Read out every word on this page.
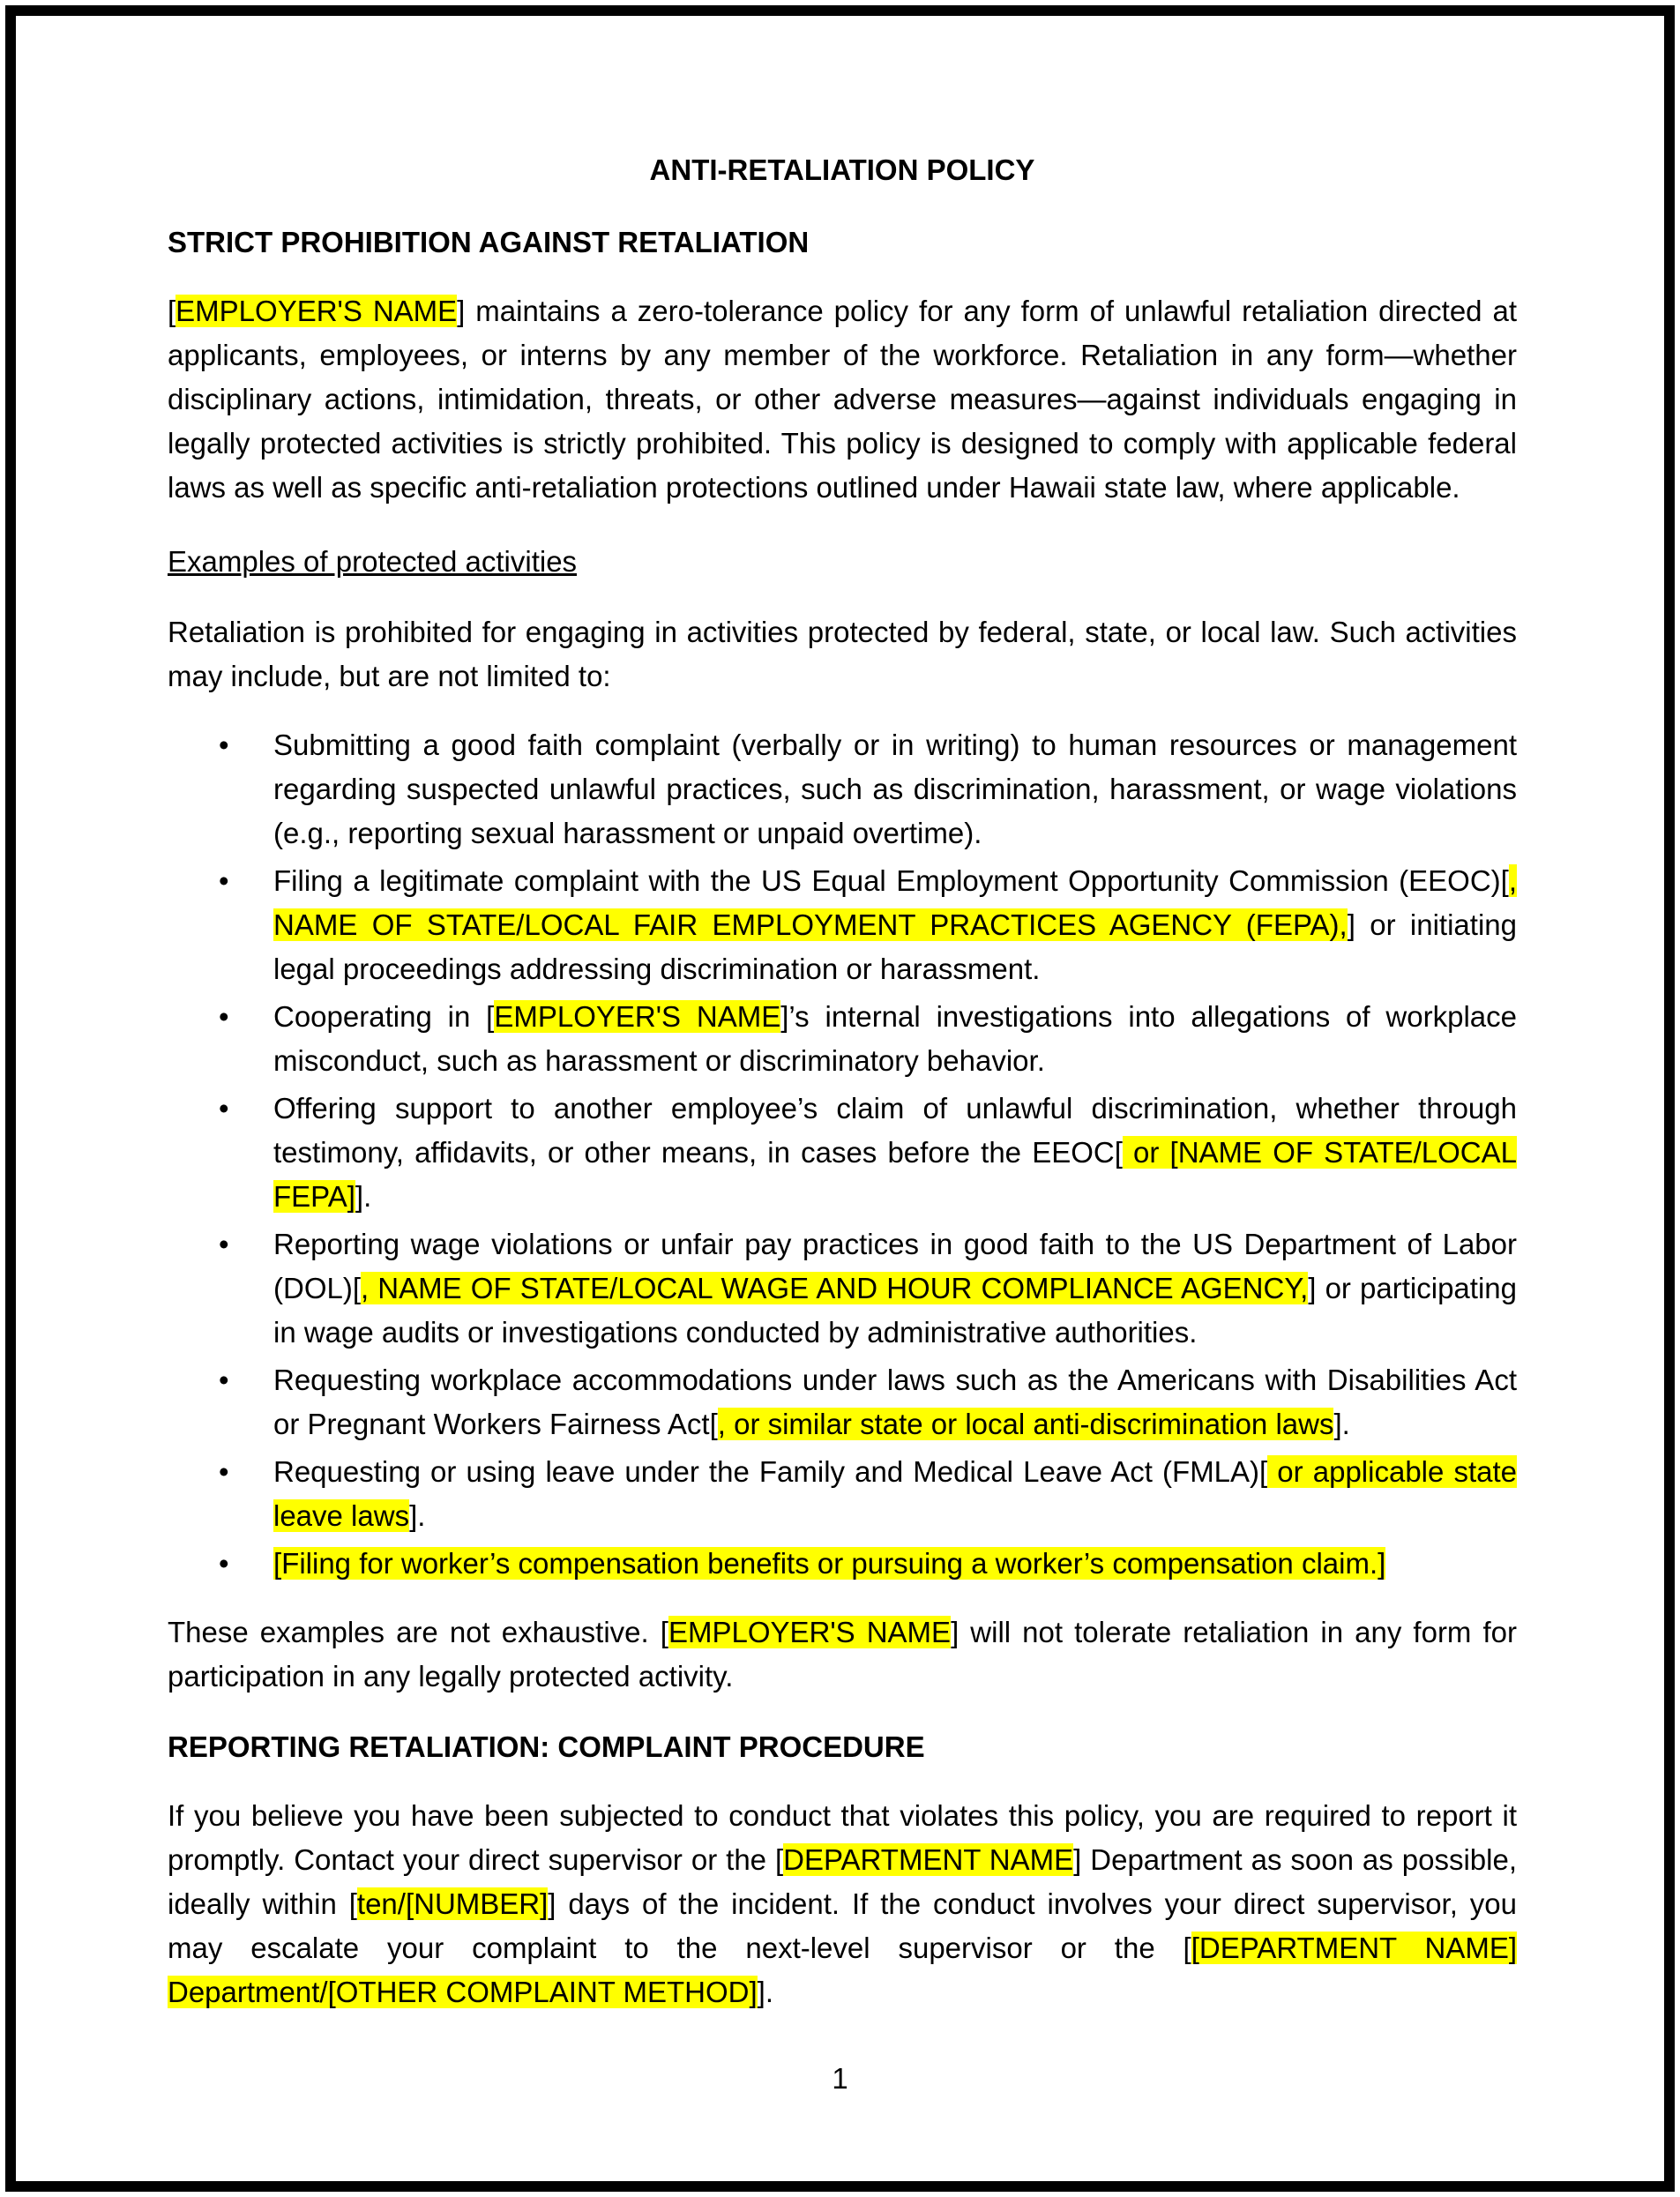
ANTI-RETALIATION POLICY
STRICT PROHIBITION AGAINST RETALIATION
[EMPLOYER'S NAME] maintains a zero-tolerance policy for any form of unlawful retaliation directed at applicants, employees, or interns by any member of the workforce. Retaliation in any form—whether disciplinary actions, intimidation, threats, or other adverse measures—against individuals engaging in legally protected activities is strictly prohibited. This policy is designed to comply with applicable federal laws as well as specific anti-retaliation protections outlined under Hawaii state law, where applicable.
Examples of protected activities
Retaliation is prohibited for engaging in activities protected by federal, state, or local law. Such activities may include, but are not limited to:
•	Submitting a good faith complaint (verbally or in writing) to human resources or management regarding suspected unlawful practices, such as discrimination, harassment, or wage violations (e.g., reporting sexual harassment or unpaid overtime).
•	Filing a legitimate complaint with the US Equal Employment Opportunity Commission (EEOC)[, NAME OF STATE/LOCAL FAIR EMPLOYMENT PRACTICES AGENCY (FEPA),] or initiating legal proceedings addressing discrimination or harassment.
•	Cooperating in [EMPLOYER'S NAME]’s internal investigations into allegations of workplace misconduct, such as harassment or discriminatory behavior.
•	Offering support to another employee’s claim of unlawful discrimination, whether through testimony, affidavits, or other means, in cases before the EEOC[ or [NAME OF STATE/LOCAL FEPA]].
•	Reporting wage violations or unfair pay practices in good faith to the US Department of Labor (DOL)[, NAME OF STATE/LOCAL WAGE AND HOUR COMPLIANCE AGENCY,] or participating in wage audits or investigations conducted by administrative authorities.
•	Requesting workplace accommodations under laws such as the Americans with Disabilities Act or Pregnant Workers Fairness Act[, or similar state or local anti-discrimination laws].
•	Requesting or using leave under the Family and Medical Leave Act (FMLA)[ or applicable state leave laws].
•	[Filing for worker’s compensation benefits or pursuing a worker’s compensation claim.]
These examples are not exhaustive. [EMPLOYER'S NAME] will not tolerate retaliation in any form for participation in any legally protected activity.
REPORTING RETALIATION: COMPLAINT PROCEDURE
If you believe you have been subjected to conduct that violates this policy, you are required to report it promptly. Contact your direct supervisor or the [DEPARTMENT NAME] Department as soon as possible, ideally within [ten/[NUMBER]] days of the incident. If the conduct involves your direct supervisor, you may escalate your complaint to the next-level supervisor or the [[DEPARTMENT NAME] Department/[OTHER COMPLAINT METHOD]].
1
